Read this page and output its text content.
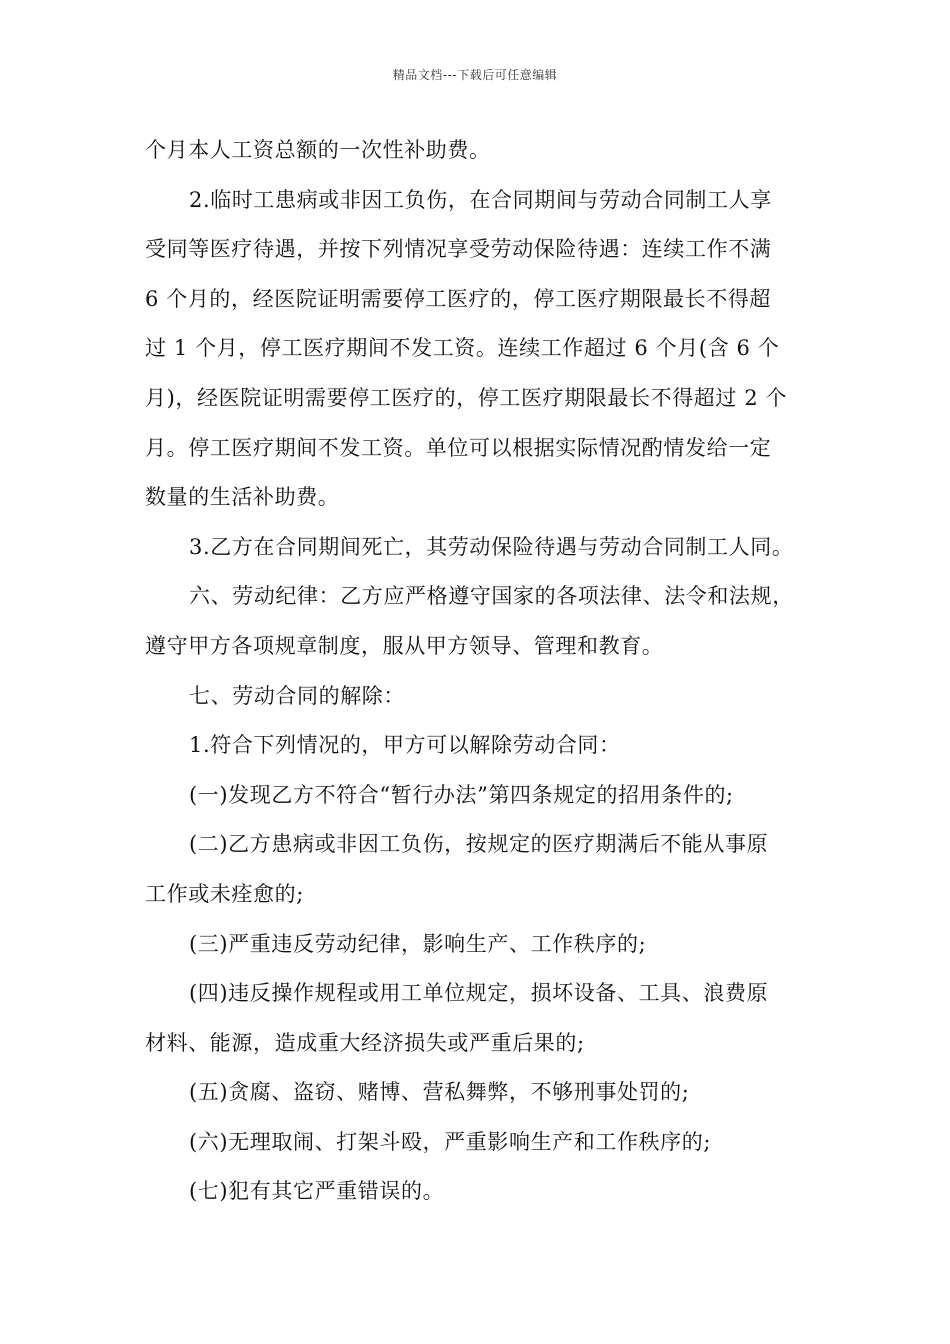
精品文档---下载后可任意编辑
个月本人工资总额的一次性补助费。
2.临时工患病或非因工负伤，在合同期间与劳动合同制工人享
受同等医疗待遇，并按下列情况享受劳动保险待遇：连续工作不满
6 个月的，经医院证明需要停工医疗的，停工医疗期限最长不得超
过 1 个月，停工医疗期间不发工资。连续工作超过 6 个月(含 6 个
月)，经医院证明需要停工医疗的，停工医疗期限最长不得超过 2 个
月。停工医疗期间不发工资。单位可以根据实际情况酌情发给一定
数量的生活补助费。
3.乙方在合同期间死亡，其劳动保险待遇与劳动合同制工人同。
六、劳动纪律：乙方应严格遵守国家的各项法律、法令和法规，
遵守甲方各项规章制度，服从甲方领导、管理和教育。
七、劳动合同的解除：
1.符合下列情况的，甲方可以解除劳动合同：
(一)发现乙方不符合“暂行办法”第四条规定的招用条件的;
(二)乙方患病或非因工负伤，按规定的医疗期满后不能从事原
工作或未痊愈的;
(三)严重违反劳动纪律，影响生产、工作秩序的;
(四)违反操作规程或用工单位规定，损坏设备、工具、浪费原
材料、能源，造成重大经济损失或严重后果的;
(五)贪腐、盗窃、赌博、营私舞弊，不够刑事处罚的;
(六)无理取闹、打架斗殴，严重影响生产和工作秩序的;
(七)犯有其它严重错误的。
